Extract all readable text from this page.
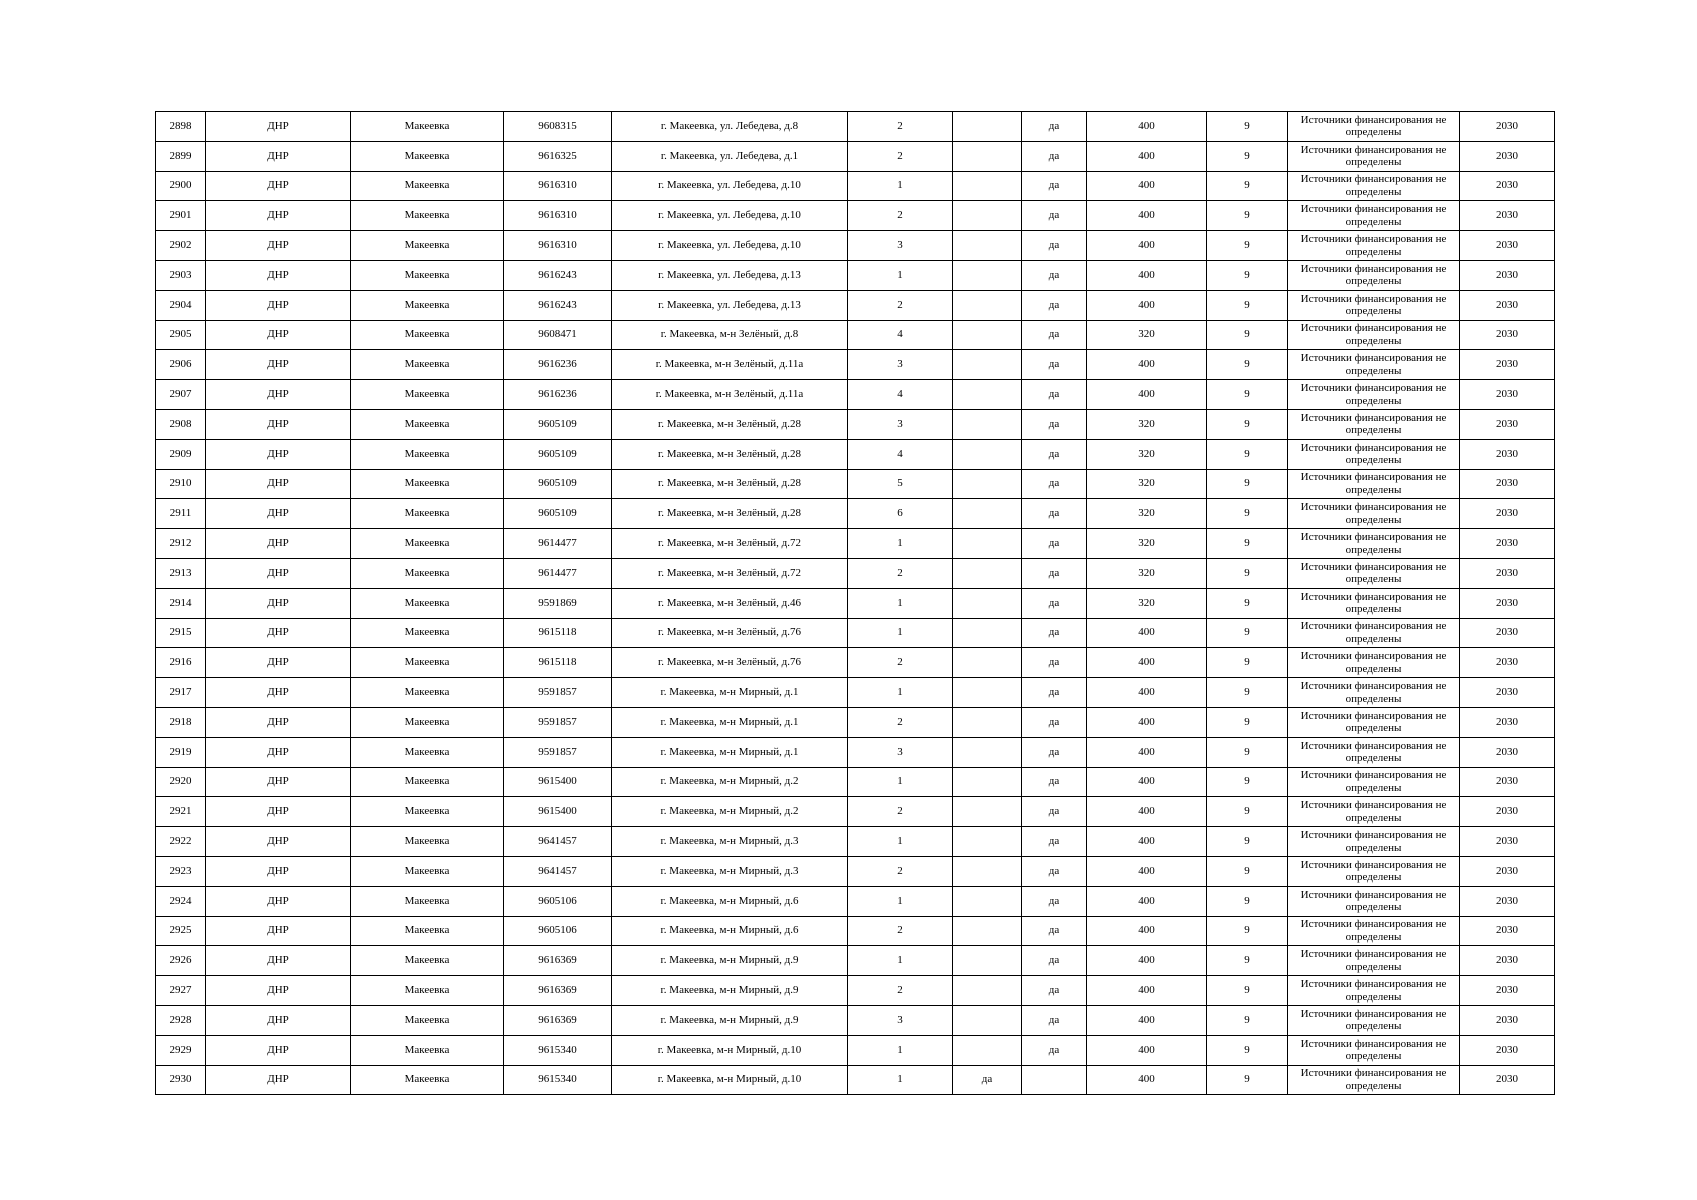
2898	ДНР	Макеевка	9608315	г. Макеевка, ул. Лебедева, д.8	2		да	400	9	Источники финансирования не определены	2030
2899	ДНР	Макеевка	9616325	г. Макеевка, ул. Лебедева, д.1	2		да	400	9	Источники финансирования не определены	2030
2900	ДНР	Макеевка	9616310	г. Макеевка, ул. Лебедева, д.10	1		да	400	9	Источники финансирования не определены	2030
2901	ДНР	Макеевка	9616310	г. Макеевка, ул. Лебедева, д.10	2		да	400	9	Источники финансирования не определены	2030
2902	ДНР	Макеевка	9616310	г. Макеевка, ул. Лебедева, д.10	3		да	400	9	Источники финансирования не определены	2030
2903	ДНР	Макеевка	9616243	г. Макеевка, ул. Лебедева, д.13	1		да	400	9	Источники финансирования не определены	2030
2904	ДНР	Макеевка	9616243	г. Макеевка, ул. Лебедева, д.13	2		да	400	9	Источники финансирования не определены	2030
2905	ДНР	Макеевка	9608471	г. Макеевка, м-н Зелёный, д.8	4		да	320	9	Источники финансирования не определены	2030
2906	ДНР	Макеевка	9616236	г. Макеевка, м-н Зелёный, д.11а	3		да	400	9	Источники финансирования не определены	2030
2907	ДНР	Макеевка	9616236	г. Макеевка, м-н Зелёный, д.11а	4		да	400	9	Источники финансирования не определены	2030
2908	ДНР	Макеевка	9605109	г. Макеевка, м-н Зелёный, д.28	3		да	320	9	Источники финансирования не определены	2030
2909	ДНР	Макеевка	9605109	г. Макеевка, м-н Зелёный, д.28	4		да	320	9	Источники финансирования не определены	2030
2910	ДНР	Макеевка	9605109	г. Макеевка, м-н Зелёный, д.28	5		да	320	9	Источники финансирования не определены	2030
2911	ДНР	Макеевка	9605109	г. Макеевка, м-н Зелёный, д.28	6		да	320	9	Источники финансирования не определены	2030
2912	ДНР	Макеевка	9614477	г. Макеевка, м-н Зелёный, д.72	1		да	320	9	Источники финансирования не определены	2030
2913	ДНР	Макеевка	9614477	г. Макеевка, м-н Зелёный, д.72	2		да	320	9	Источники финансирования не определены	2030
2914	ДНР	Макеевка	9591869	г. Макеевка, м-н Зелёный, д.46	1		да	320	9	Источники финансирования не определены	2030
2915	ДНР	Макеевка	9615118	г. Макеевка, м-н Зелёный, д.76	1		да	400	9	Источники финансирования не определены	2030
2916	ДНР	Макеевка	9615118	г. Макеевка, м-н Зелёный, д.76	2		да	400	9	Источники финансирования не определены	2030
2917	ДНР	Макеевка	9591857	г. Макеевка, м-н Мирный, д.1	1		да	400	9	Источники финансирования не определены	2030
2918	ДНР	Макеевка	9591857	г. Макеевка, м-н Мирный, д.1	2		да	400	9	Источники финансирования не определены	2030
2919	ДНР	Макеевка	9591857	г. Макеевка, м-н Мирный, д.1	3		да	400	9	Источники финансирования не определены	2030
2920	ДНР	Макеевка	9615400	г. Макеевка, м-н Мирный, д.2	1		да	400	9	Источники финансирования не определены	2030
2921	ДНР	Макеевка	9615400	г. Макеевка, м-н Мирный, д.2	2		да	400	9	Источники финансирования не определены	2030
2922	ДНР	Макеевка	9641457	г. Макеевка, м-н Мирный, д.3	1		да	400	9	Источники финансирования не определены	2030
2923	ДНР	Макеевка	9641457	г. Макеевка, м-н Мирный, д.3	2		да	400	9	Источники финансирования не определены	2030
2924	ДНР	Макеевка	9605106	г. Макеевка, м-н Мирный, д.6	1		да	400	9	Источники финансирования не определены	2030
2925	ДНР	Макеевка	9605106	г. Макеевка, м-н Мирный, д.6	2		да	400	9	Источники финансирования не определены	2030
2926	ДНР	Макеевка	9616369	г. Макеевка, м-н Мирный, д.9	1		да	400	9	Источники финансирования не определены	2030
2927	ДНР	Макеевка	9616369	г. Макеевка, м-н Мирный, д.9	2		да	400	9	Источники финансирования не определены	2030
2928	ДНР	Макеевка	9616369	г. Макеевка, м-н Мирный, д.9	3		да	400	9	Источники финансирования не определены	2030
2929	ДНР	Макеевка	9615340	г. Макеевка, м-н Мирный, д.10	1		да	400	9	Источники финансирования не определены	2030
2930	ДНР	Макеевка	9615340	г. Макеевка, м-н Мирный, д.10	1	да		400	9	Источники финансирования не определены	2030
